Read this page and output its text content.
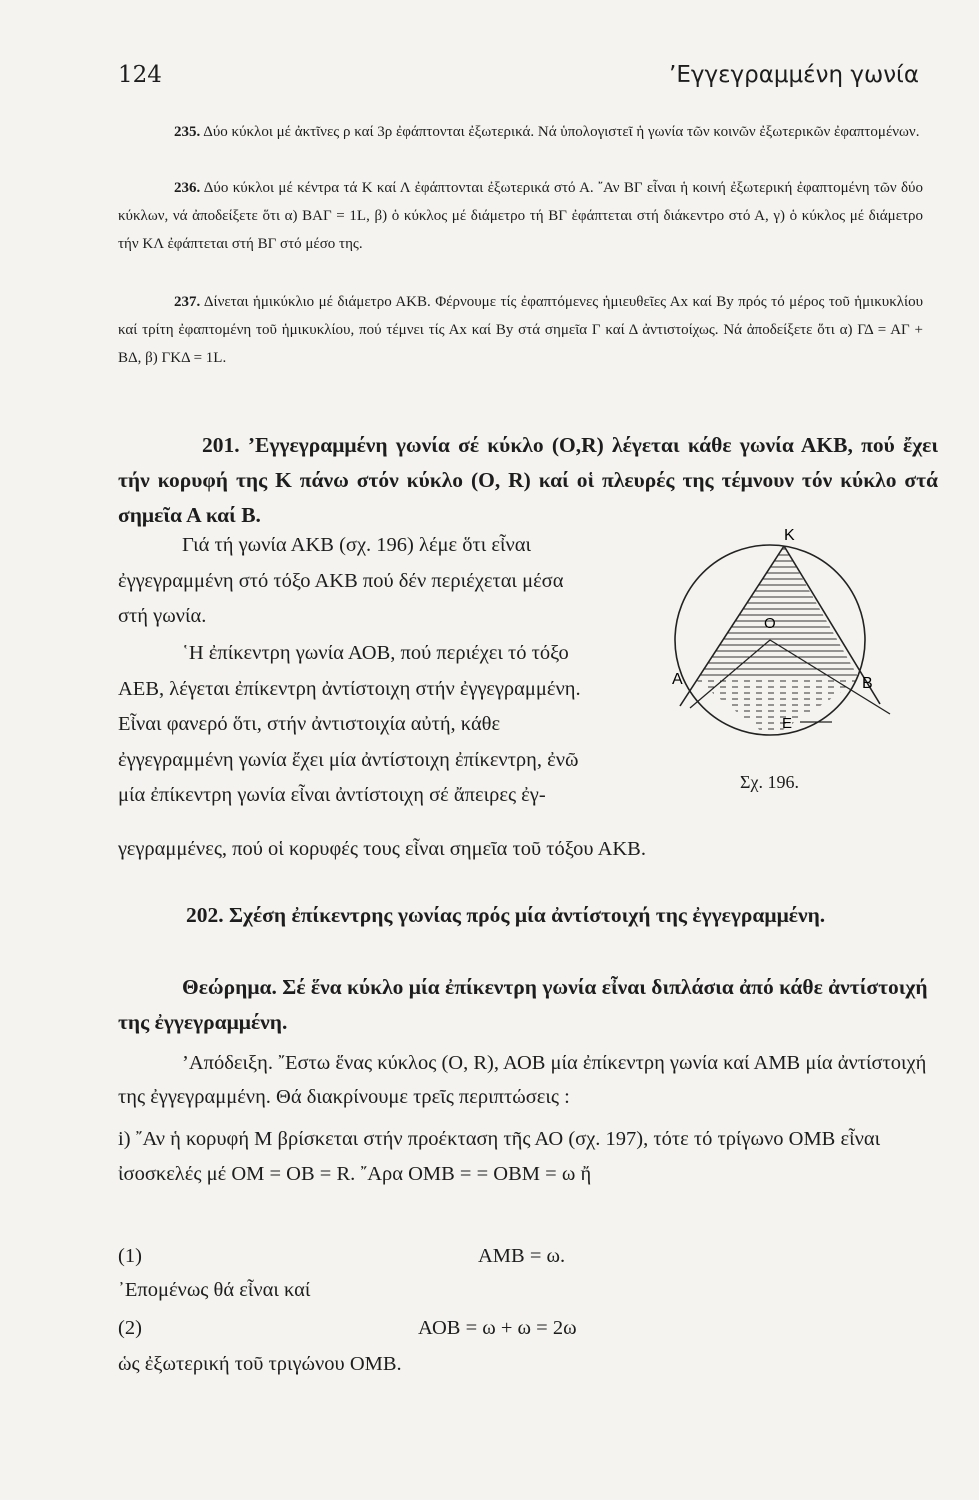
124	’Εγγεγραμμένη γωνία

235. Δύο κύκλοι μέ ἀκτῖνες ρ καί 3ρ ἐφάπτονται ἐξωτερικά. Νά ὑπολογιστεῖ ἡ γωνία τῶν κοινῶν ἐξωτερικῶν ἐφαπτομένων.

236. Δύο κύκλοι μέ κέντρα τά Κ καί Λ ἐφάπτονται ἐξωτερικά στό Α. ῎Αν ΒΓ εἶναι ἡ κοινή ἐξωτερική ἐφαπτομένη τῶν δύο κύκλων, νά ἀποδείξετε ὅτι α) ΒΑΓ = 1L, β) ὁ κύκλος μέ διάμετρο τή ΒΓ ἐφάπτεται στή διάκεντρο στό Α, γ) ὁ κύκλος μέ διάμετρο τήν ΚΛ ἐφάπτεται στή ΒΓ στό μέσο της.

237. Δίνεται ἡμικύκλιο μέ διάμετρο ΑΚΒ. Φέρνουμε τίς ἐφαπτόμενες ἡμιευθεῖες Αx καί Βy πρός τό μέρος τοῦ ἡμικυκλίου καί τρίτη ἐφαπτομένη τοῦ ἡμικυκλίου, πού τέμνει τίς Αx καί Βy στά σημεῖα Γ καί Δ ἀντιστοίχως. Νά ἀποδείξετε ὅτι α) ΓΔ = ΑΓ + ΒΔ, β) ΓΚΔ = 1L.

201. ’Εγγεγραμμένη γωνία σέ κύκλο (Ο,R) λέγεται κάθε γωνία ΑΚΒ, πού ἔχει τήν κορυφή της Κ πάνω στόν κύκλο (Ο, R) καί οἱ πλευρές της τέμνουν τόν κύκλο στά σημεῖα Α καί Β.

Γιά τή γωνία ΑΚΒ (σχ. 196) λέμε ὅτι εἶναι ἐγγεγραμμένη στό τόξο ΑΚΒ πού δέν περιέχεται μέσα στή γωνία.

῾Η ἐπίκεντρη γωνία ΑΟΒ, πού περιέχει τό τόξο ΑΕΒ, λέγεται ἐπίκεντρη ἀντίστοιχη στήν ἐγγεγραμμένη. Εἶναι φανερό ὅτι, στήν ἀντιστοιχία αὐτή, κάθε ἐγγεγραμμένη γωνία ἔχει μία ἀντίστοιχη ἐπίκεντρη, ἐνῶ μία ἐπίκεντρη γωνία εἶναι ἀντίστοιχη σέ ἄπειρες ἐγ-

γεγραμμένες, πού οἱ κορυφές τους εἶναι σημεῖα τοῦ τόξου ΑΚΒ.
K
O
A	B
E
Σχ. 196.
202. Σχέση ἐπίκεντρης γωνίας πρός μία ἀντίστοιχή της ἐγγεγραμμένη.
Θεώρημα. Σέ ἕνα κύκλο μία ἐπίκεντρη γωνία εἶναι διπλάσια ἀπό κάθε ἀντίστοιχή της ἐγγεγραμμένη.

’Απόδειξη. ῎Εστω ἕνας κύκλος (Ο, R), ΑΟΒ μία ἐπίκεντρη γωνία καί ΑΜΒ μία ἀντίστοιχή της ἐγγεγραμμένη. Θά διακρίνουμε τρεῖς περιπτώσεις :

i) ῎Αν ἡ κορυφή Μ βρίσκεται στήν προέκταση τῆς ΑΟ (σχ. 197), τότε τό τρίγωνο ΟΜΒ εἶναι ἰσοσκελές μέ ΟΜ = ΟΒ = R. ῎Αρα ΟΜΒ = = ΟΒΜ = ω ἤ

(1)	ΑΜΒ = ω.
᾿Επομένως θά εἶναι καί
(2)	ΑΟΒ = ω + ω = 2ω
ὡς ἐξωτερική τοῦ τριγώνου ΟΜΒ.
